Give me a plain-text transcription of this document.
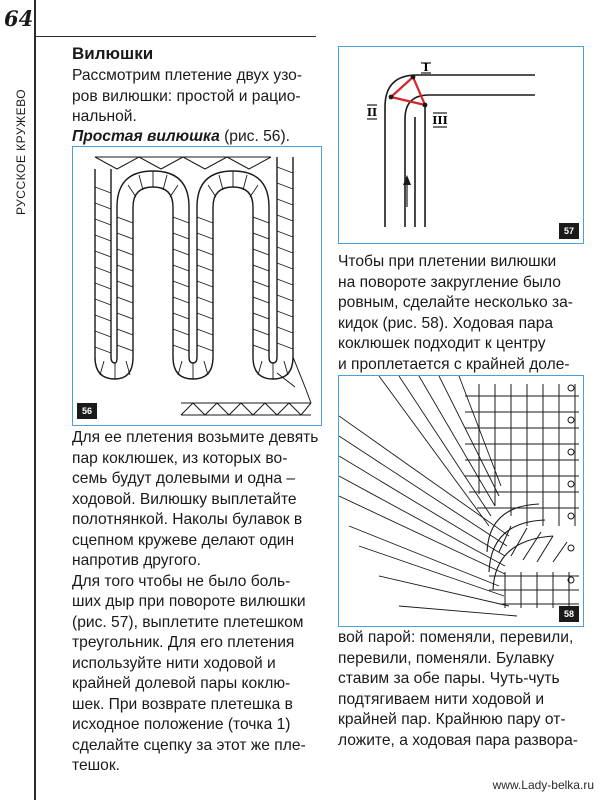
64
РУССКОЕ КРУЖЕВО
Вилюшки
Рассмотрим плетение двух узо-
ров вилюшки: простой и рацио-
нальной.
Простая вилюшка (рис. 56).
56
I
II
III
57
58
Для ее плетения возьмите девять
пар коклюшек, из которых во-
семь будут долевыми и одна –
ходовой. Вилюшку выплетайте
полотнянкой. Наколы булавок в
сцепном кружеве делают один
напротив другого.
Для того чтобы не было боль-
ших дыр при повороте вилюшки
(рис. 57), выплетите плетешком
треугольник. Для его плетения
используйте нити ходовой и
крайней долевой пары коклю-
шек. При возврате плетешка в
исходное положение (точка 1)
сделайте сцепку за этот же пле-
тешок.
Чтобы при плетении вилюшки
на повороте закругление было
ровным, сделайте несколько за-
кидок (рис. 58). Ходовая пара
коклюшек подходит к центру
и проплетается с крайней доле-
вой парой: поменяли, перевили,
перевили, поменяли. Булавку
ставим за обе пары. Чуть-чуть
подтягиваем нити ходовой и
крайней пар. Крайнюю пару от-
ложите, а ходовая пара развора-
www.Lady-belka.ru
